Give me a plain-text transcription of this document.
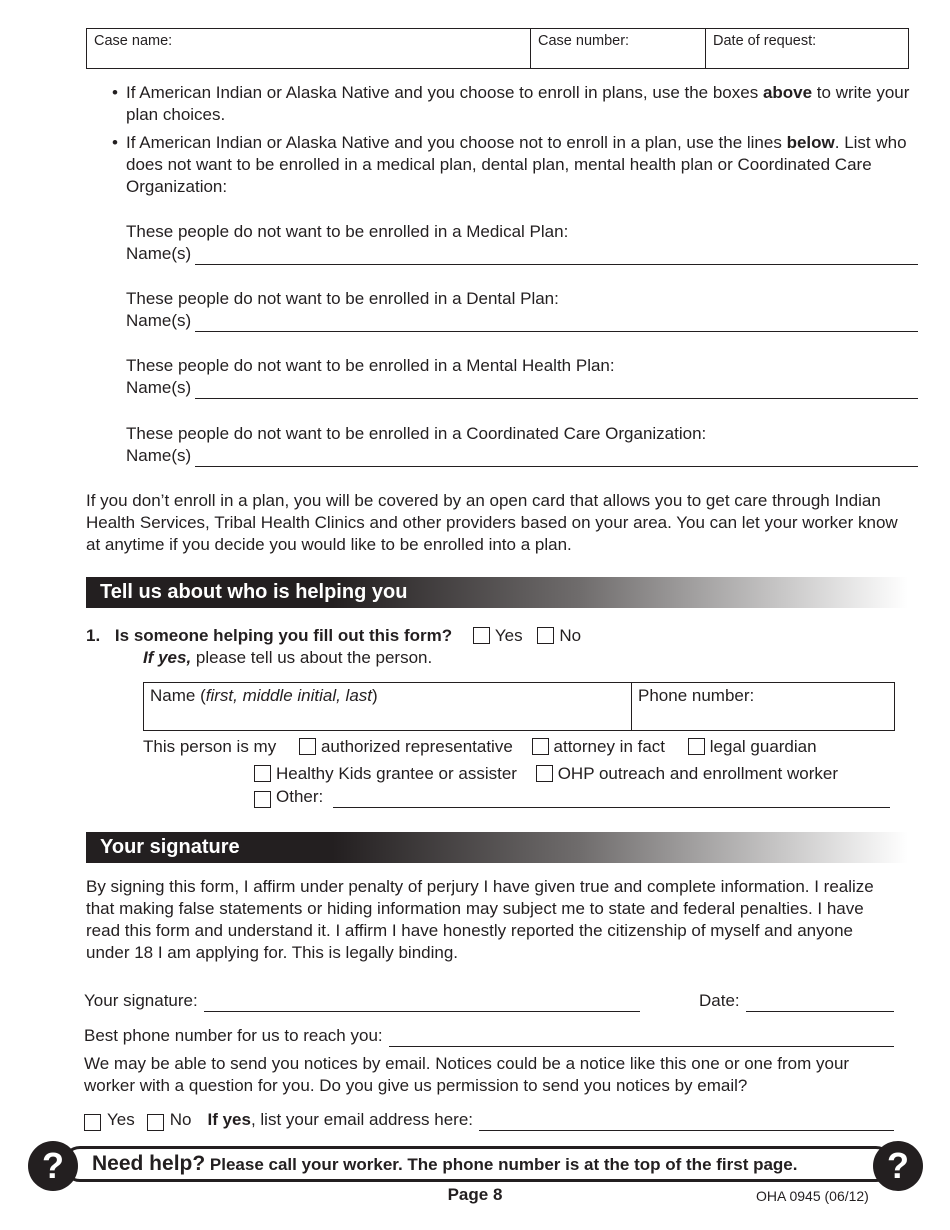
Case name:	Case number:	Date of request:
• If American Indian or Alaska Native and you choose to enroll in plans, use the boxes above to write your plan choices.
• If American Indian or Alaska Native and you choose not to enroll in a plan, use the lines below. List who does not want to be enrolled in a medical plan, dental plan, mental health plan or Coordinated Care Organization:
These people do not want to be enrolled in a Medical Plan:
Name(s)
These people do not want to be enrolled in a Dental Plan:
Name(s)
These people do not want to be enrolled in a Mental Health Plan:
Name(s)
These people do not want to be enrolled in a Coordinated Care Organization:
Name(s)
If you don’t enroll in a plan, you will be covered by an open card that allows you to get care through Indian Health Services, Tribal Health Clinics and other providers based on your area. You can let your worker know at anytime if you decide you would like to be enrolled into a plan.
Tell us about who is helping you
1. Is someone helping you fill out this form?	Yes No
If yes, please tell us about the person.
Name (first, middle initial, last)	Phone number:
This person is my	authorized representative attorney in fact	legal guardian
Healthy Kids grantee or assister OHP outreach and enrollment worker
Other:
Your signature
By signing this form, I affirm under penalty of perjury I have given true and complete information. I realize that making false statements or hiding information may subject me to state and federal penalties. I have read this form and understand it. I affirm I have honestly reported the citizenship of myself and anyone under 18 I am applying for. This is legally binding.
Your signature:	Date:
Best phone number for us to reach you:
We may be able to send you notices by email. Notices could be a notice like this one or one from your worker with a question for you. Do you give us permission to send you notices by email?
Yes No If yes , list your email address here:
Need help? Please call your worker. The phone number is at the top of the first page.
?	?
Page 8	OHA 0945 (06/12)
